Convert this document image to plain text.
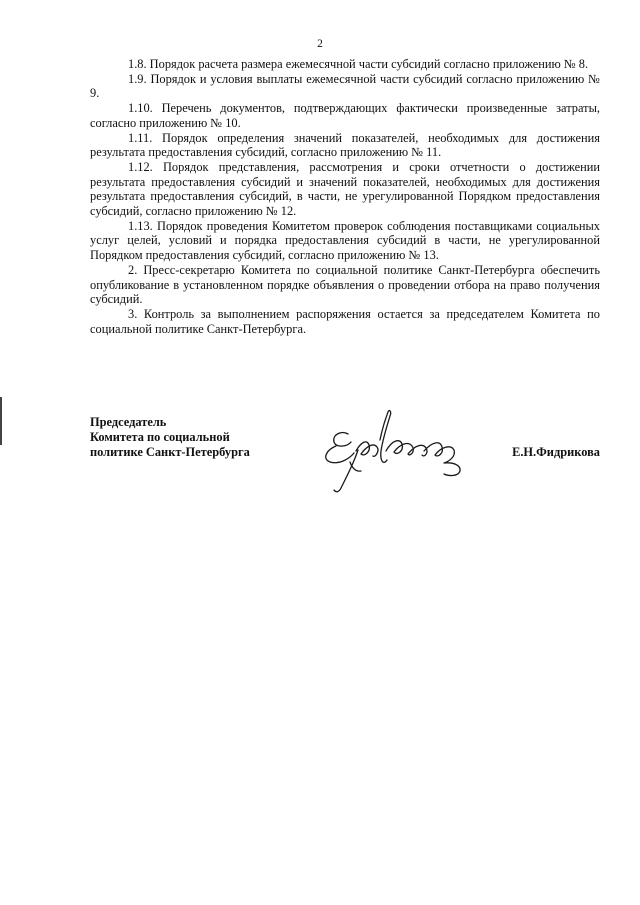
2

1.8. Порядок расчета размера ежемесячной части субсидий согласно приложению № 8.

1.9. Порядок и условия выплаты ежемесячной части субсидий согласно приложению № 9.

1.10. Перечень документов, подтверждающих фактически произведенные затраты, согласно приложению № 10.

1.11. Порядок определения значений показателей, необходимых для достижения результата предоставления субсидий, согласно приложению № 11.

1.12. Порядок представления, рассмотрения и сроки отчетности о достижении результата предоставления субсидий и значений показателей, необходимых для достижения результата предоставления субсидий, в части, не урегулированной Порядком предоставления субсидий, согласно приложению № 12.

1.13. Порядок проведения Комитетом проверок соблюдения поставщиками социальных услуг целей, условий и порядка предоставления субсидий в части, не урегулированной Порядком предоставления субсидий, согласно приложению № 13.

2. Пресс-секретарю Комитета по социальной политике Санкт-Петербурга обеспечить опубликование в установленном порядке объявления о проведении отбора на право получения субсидий.

3. Контроль за выполнением распоряжения остается за председателем Комитета по социальной политике Санкт-Петербурга.

Председатель
Комитета по социальной
политике Санкт-Петербурга	Е.Н.Фидрикова
